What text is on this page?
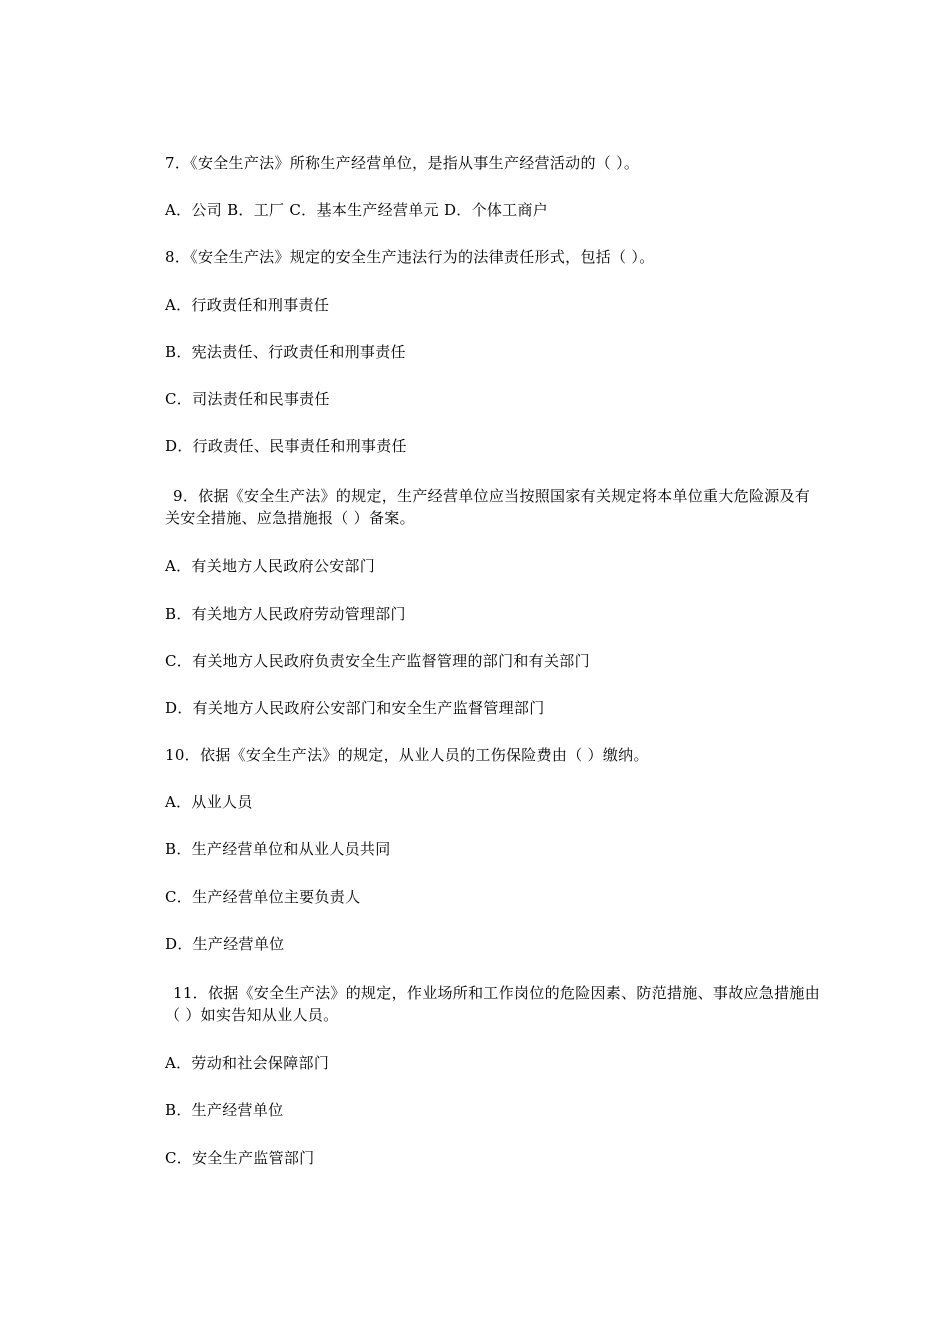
7．《安全生产法》所称生产经营单位，是指从事生产经营活动的（ ）。
A．公司 B．工厂 C．基本生产经营单元 D．个体工商户
8．《安全生产法》规定的安全生产违法行为的法律责任形式，包括（ ）。
A．行政责任和刑事责任
B．宪法责任、行政责任和刑事责任
C．司法责任和民事责任
D．行政责任、民事责任和刑事责任
9．依据《安全生产法》的规定，生产经营单位应当按照国家有关规定将本单位重大危险源及有关安全措施、应急措施报（ ）备案。
A．有关地方人民政府公安部门
B．有关地方人民政府劳动管理部门
C．有关地方人民政府负责安全生产监督管理的部门和有关部门
D．有关地方人民政府公安部门和安全生产监督管理部门
10．依据《安全生产法》的规定，从业人员的工伤保险费由（ ）缴纳。
A．从业人员
B．生产经营单位和从业人员共同
C．生产经营单位主要负责人
D．生产经营单位
11．依据《安全生产法》的规定，作业场所和工作岗位的危险因素、防范措施、事故应急措施由（ ）如实告知从业人员。
A．劳动和社会保障部门
B．生产经营单位
C．安全生产监管部门
